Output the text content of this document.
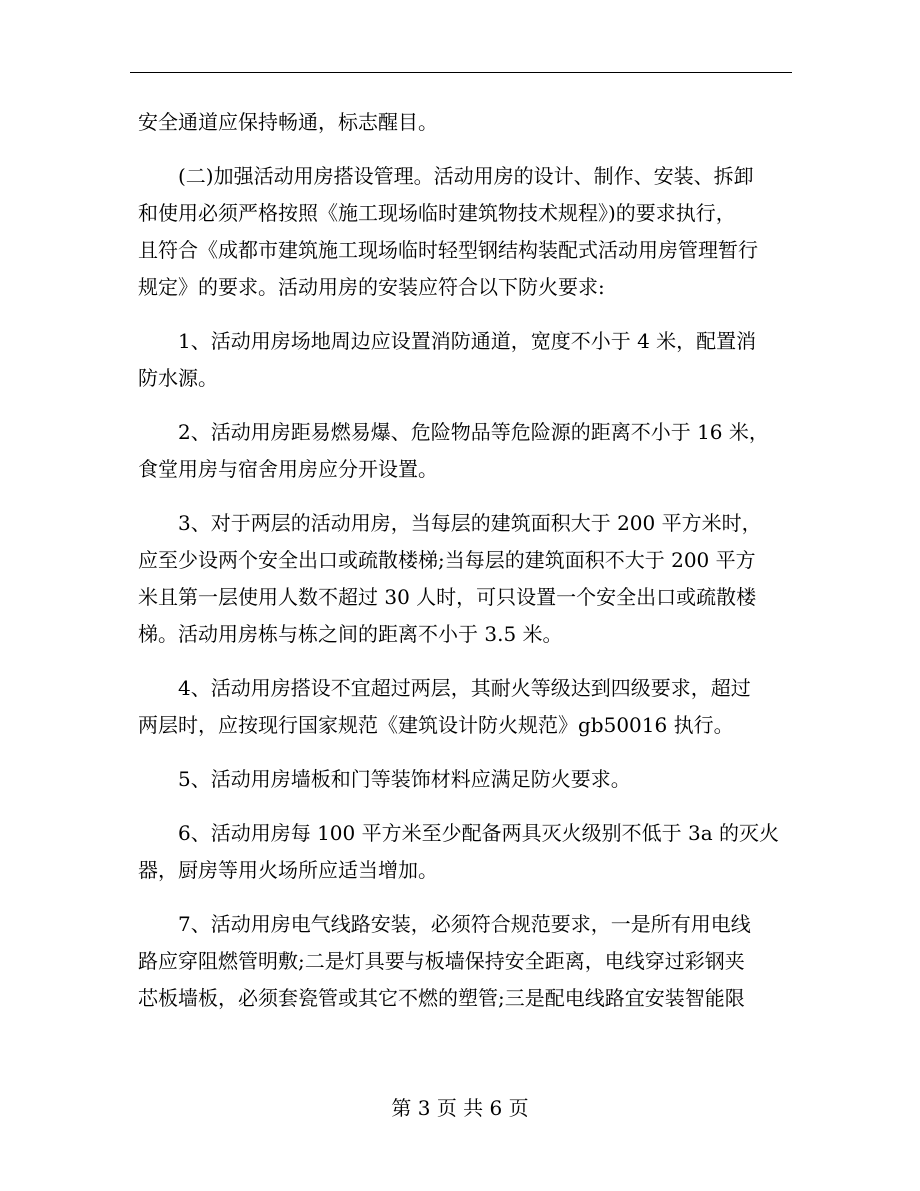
安全通道应保持畅通，标志醒目。
(二)加强活动用房搭设管理。活动用房的设计、制作、安装、拆卸
和使用必须严格按照《施工现场临时建筑物技术规程》)的要求执行，
且符合《成都市建筑施工现场临时轻型钢结构装配式活动用房管理暂行
规定》的要求。活动用房的安装应符合以下防火要求:
1、活动用房场地周边应设置消防通道，宽度不小于 4 米，配置消
防水源。
2、活动用房距易燃易爆、危险物品等危险源的距离不小于 16 米，
食堂用房与宿舍用房应分开设置。
3、对于两层的活动用房，当每层的建筑面积大于 200 平方米时，
应至少设两个安全出口或疏散楼梯;当每层的建筑面积不大于 200 平方
米且第一层使用人数不超过 30 人时，可只设置一个安全出口或疏散楼
梯。活动用房栋与栋之间的距离不小于 3.5 米。
4、活动用房搭设不宜超过两层，其耐火等级达到四级要求，超过
两层时，应按现行国家规范《建筑设计防火规范》gb50016 执行。
5、活动用房墙板和门等装饰材料应满足防火要求。
6、活动用房每 100 平方米至少配备两具灭火级别不低于 3a 的灭火
器，厨房等用火场所应适当增加。
7、活动用房电气线路安装，必须符合规范要求，一是所有用电线
路应穿阻燃管明敷;二是灯具要与板墙保持安全距离，电线穿过彩钢夹
芯板墙板，必须套瓷管或其它不燃的塑管;三是配电线路宜安装智能限
第 3 页 共 6 页
